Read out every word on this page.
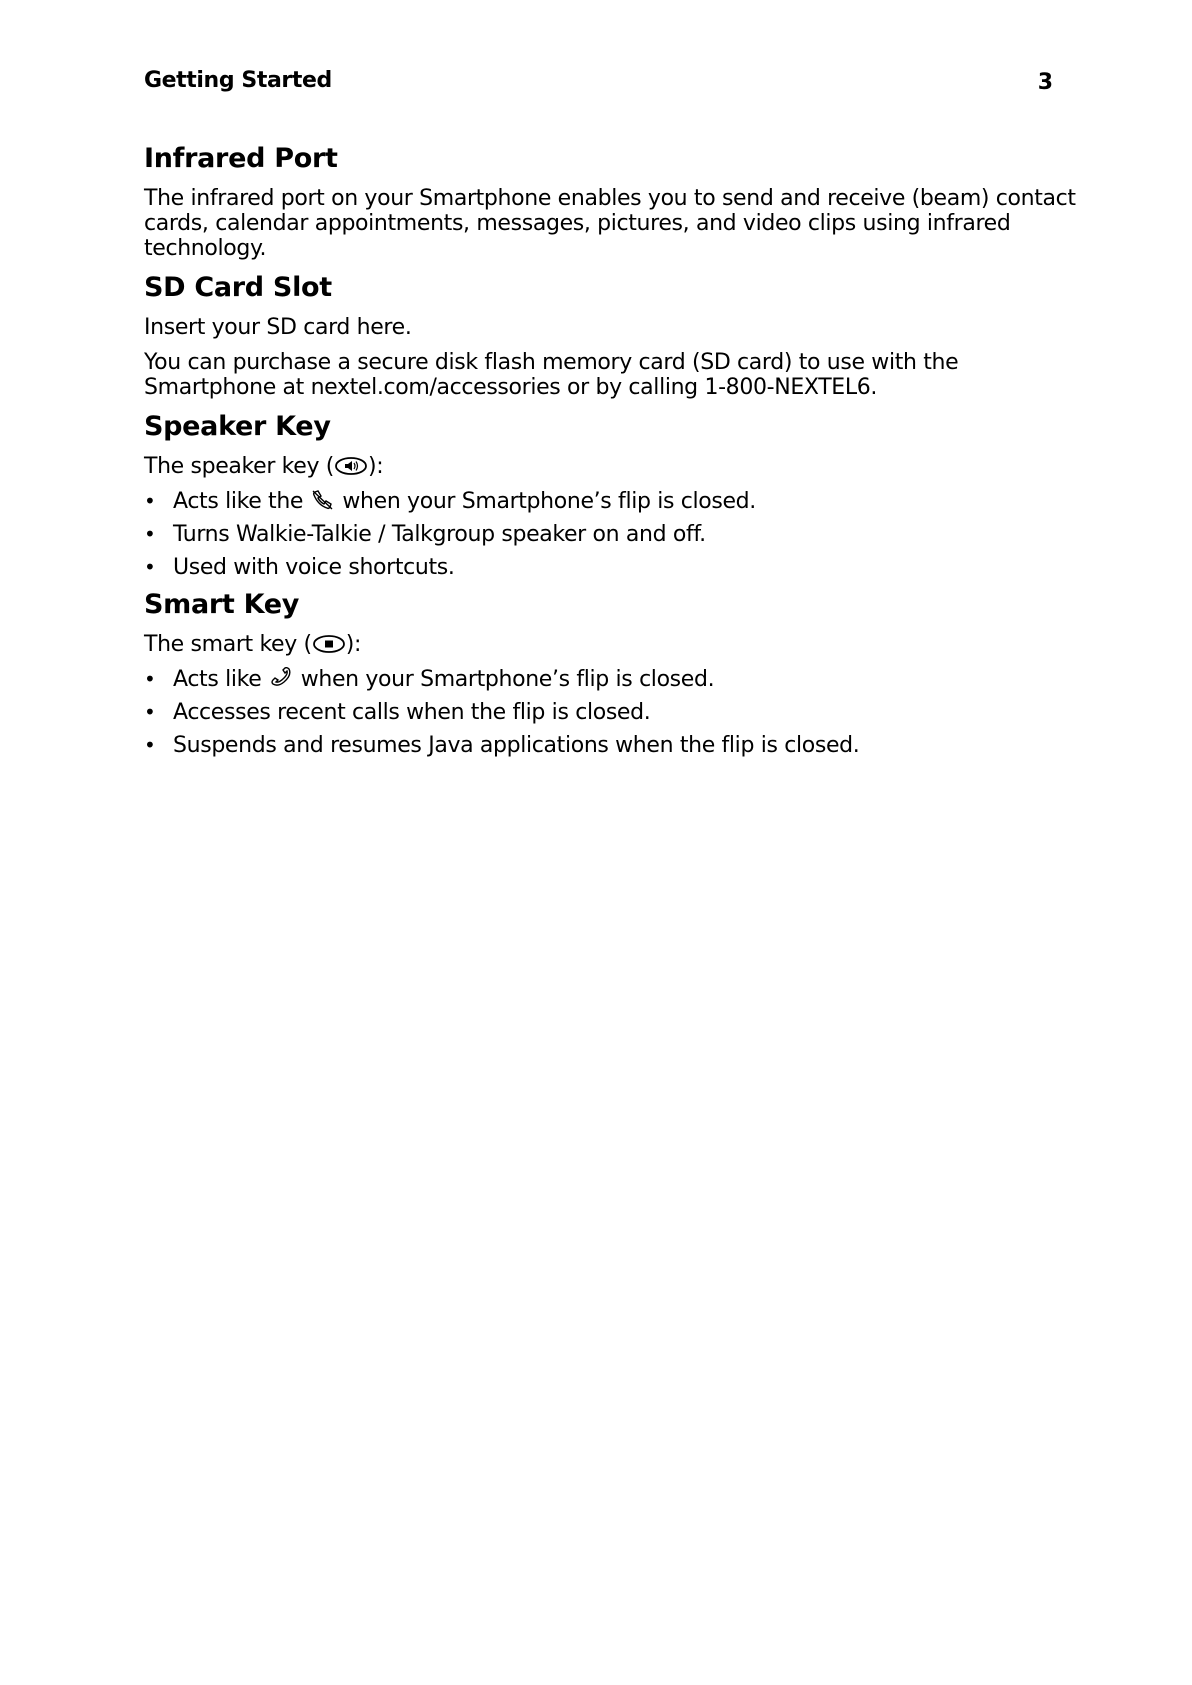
Getting Started	3
Infrared Port

The infrared port on your Smartphone enables you to send and receive (beam) contact cards, calendar appointments, messages, pictures, and video clips using infrared technology.

SD Card Slot

Insert your SD card here.

You can purchase a secure disk flash memory card (SD card) to use with the Smartphone at nextel.com/accessories or by calling 1-800-NEXTEL6.

Speaker Key

The speaker key ( ):

• Acts like the  when your Smartphone’s flip is closed.
• Turns Walkie-Talkie / Talkgroup speaker on and off.
• Used with voice shortcuts.
Smart Key

The smart key ( ):

• Acts like  when your Smartphone’s flip is closed.
• Accesses recent calls when the flip is closed.
• Suspends and resumes Java applications when the flip is closed.
